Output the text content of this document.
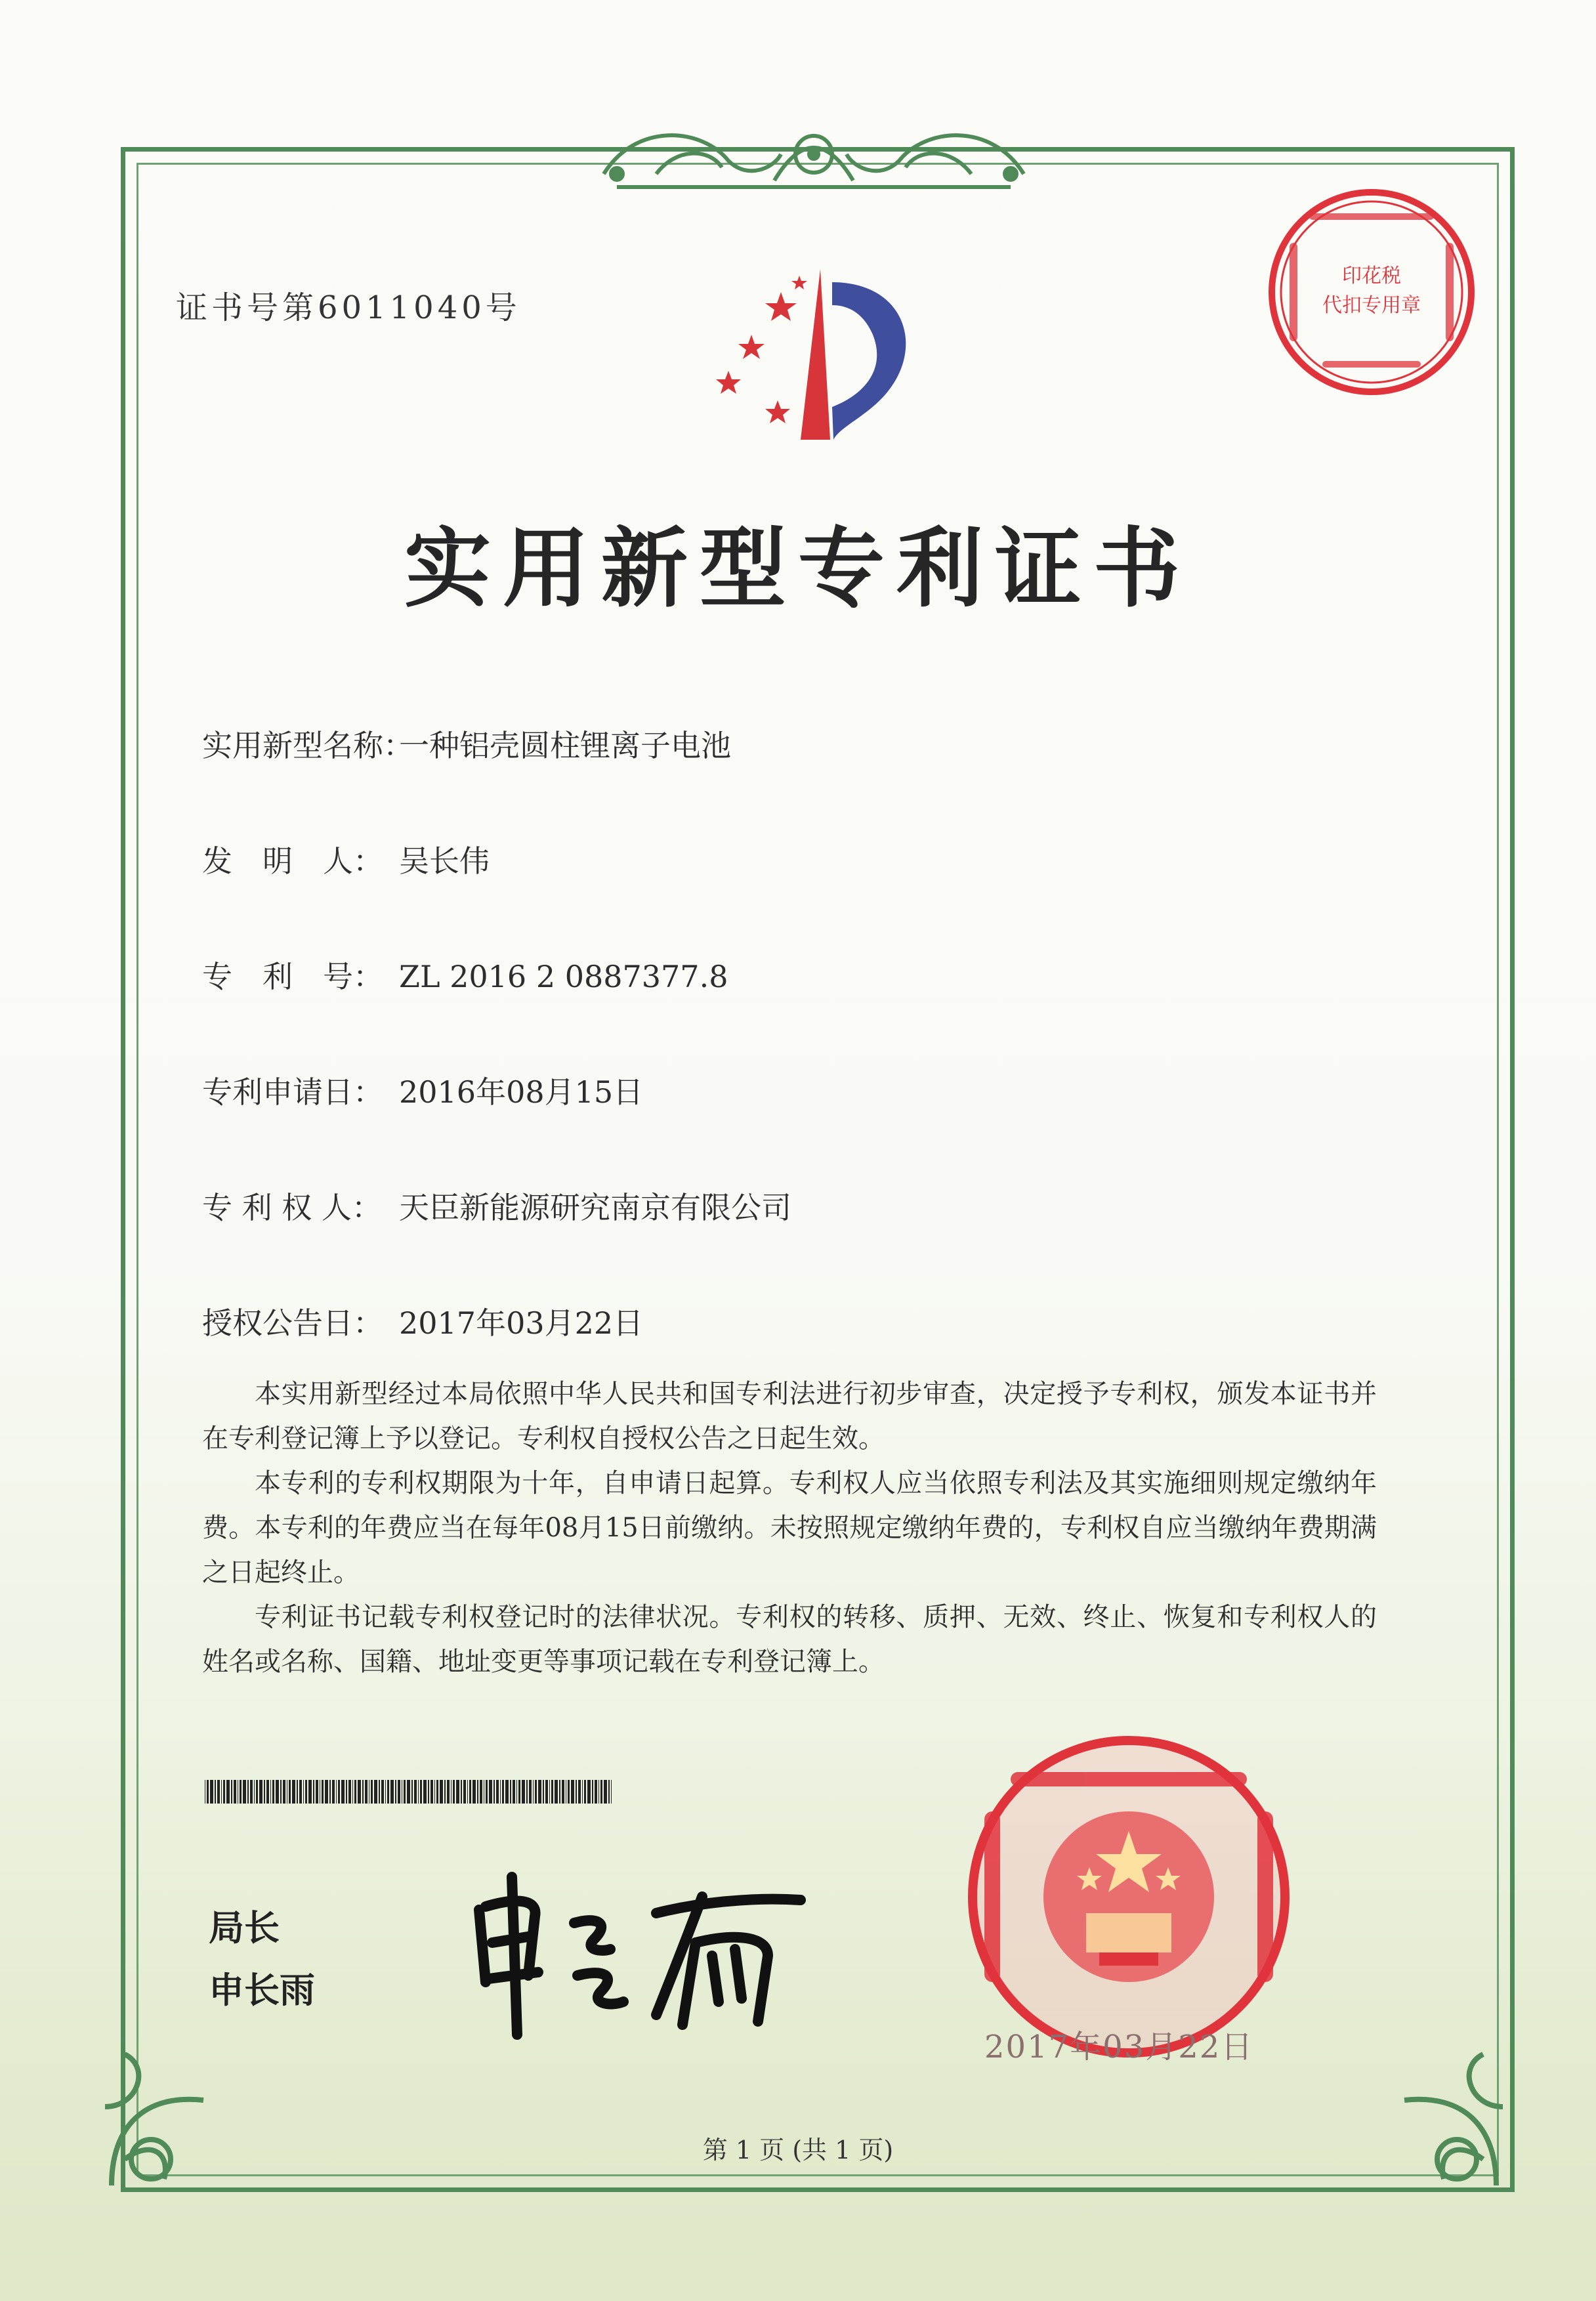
印花税
代扣专用章
证书号第6011040号
实用新型专利证书
实用新型名称：一种铝壳圆柱锂离子电池
发　明　人： 吴长伟
专　利　号： ZL 2016 2 0887377.8
专利申请日： 2016年08月15日
专 利 权 人： 天臣新能源研究南京有限公司
授权公告日： 2017年03月22日

本实用新型经过本局依照中华人民共和国专利法进行初步审查，决定授予专利权，颁发本证书并在专利登记簿上予以登记。专利权自授权公告之日起生效。

本专利的专利权期限为十年，自申请日起算。专利权人应当依照专利法及其实施细则规定缴纳年费。本专利的年费应当在每年08月15日前缴纳。未按照规定缴纳年费的，专利权自应当缴纳年费期满之日起终止。

专利证书记载专利权登记时的法律状况。专利权的转移、质押、无效、终止、恢复和专利权人的姓名或名称、国籍、地址变更等事项记载在专利登记簿上。

局长
申长雨
2017年03月22日
第 1 页 (共 1 页)
